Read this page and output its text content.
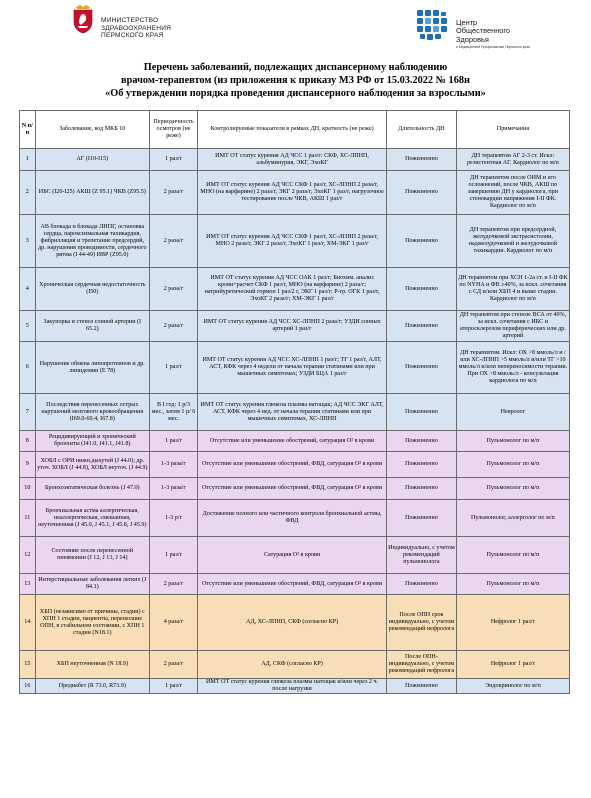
МИНИСТЕРСТВО
ЗДРАВООХРАНЕНИЯ
ПЕРМСКОГО КРАЯ
Центр
Общественного
Здоровья
и Медицинской Профилактики Пермского края
Перечень заболеваний, подлежащих диспансерному наблюдению
врачом-терапевтом (из приложения к приказу МЗ РФ от 15.03.2022 № 168н
«Об утверждении порядка проведения диспансерного наблюдения за взрослыми»
N п/п	Заболевание, код МКБ 10	Периодичность осмотров (не реже)	Контролируемые показатели в рамках ДН, кратность (не реже)	Длительность ДН	Примечания
1	АГ (I10-I15)	1 раз/г	ИМТ ОТ статус курения АД ЧСС 1 раз/г: СКФ, ХС-ЛПНП, альбуминурия, ЭКГ, ЭхоКГ	Пожизненно	ДН терапевтом АГ 2-3 ст. Искл: резистентная АГ. Кардиолог по м/п
2	ИБС (I20-I25) АКШ (Z 95.1) ЧКВ (Z95.5)	2 раза/г	ИМТ ОТ статус курения АД ЧСС СКФ 1 раз/г, ХС-ЛПНП 2 раза/г, МНО (на варфарине) 2 раза/г, ЭКГ 2 раза/г, ЭхоКГ 1 раз/г, нагрузочное тестирование после ЧКВ, АКШ 1 раз/г	Пожизненно	ДН терапевтом после ОИМ и его осложнений, после ЧКВ, АКШ по завершению ДН у кардиолога, при стенокардии напряжения I-II ФК. Кардиолог по м/п
3	АВ блокада и блокада ЛНПГ, остановка сердца, пароксизмальная тахикардия, фибрилляция и трепетание предсердий, др. нарушения проводимости, сердечного ритма (I 44-49) ИВР (Z95.0)	2 раза/г	ИМТ ОТ статус курения АД ЧСС СКФ 1 раз/г, ХС-ЛПНП 2 раза/г, МНО 2 раза/г, ЭКГ 2 раза/г, ЭхоКГ 1 раз/г, ХМ-ЭКГ 1 раз/г	Пожизненно	ДН терапевтом при предсердной, желудочковой экстрасистолии, наджелудочковой и желудочковой тахикардии. Кардиолог по м/п
4	Хроническая сердечная недостаточность (I50)	2 раза/г	ИМТ ОТ статус курения АД ЧСС ОАК 1 раз/г; Биохим. анализ крови+расчет СКФ 1 раз/г, МНО (на варфарине) 2 раза/г; натрийуретический гормон 1 раз/2 г, ЭКГ 1 раз/г; Р-гр. ОГК 1 раз/г, ЭхоКГ 2 раза/г; ХМ-ЭКГ 1 раз/г	Пожизненно	ДН терапевтом при ХСН 1-2а ст. и I-II ФК по NYHA и ФВ ≥40%, за искл. сочетания с СД и/или ХБП 4 и выше стадии. Кардиолог по м/п
5	Закупорка и стеноз сонной артерии (I 65.2)	2 раза/г	ИМТ ОТ статус курения АД ЧСС ХС-ЛПНП 2 раза/г; УЗДИ сонных артерий 1 раз/г	Пожизненно	ДН терапевтом при стенозе ВСА от 40%, за искл. сочетания с ИБС и атеросклерозом периферических или др. артерий
6	Нарушение обмена липопротеинов и др. липидемии (E 78)	1 раз/г	ИМТ ОТ статус курения АД ЧСС ХС-ЛПНП 1 раз/г; ТГ 1 раз/г, АЛТ, АСТ, КФК через 4 недели от начала терапии статинами или при мышечных симптомах; УЗДИ БЦА 1 раз/г	Пожизненно	ДН терапевтом. Искл: ОХ >8 ммоль/л и /или ХС-ЛПНП >5 ммоль/л и/или ТГ >10 ммоль/л и/или непереносимости терапии. При ОХ >8 ммоль/л - консультация кардиолога по м/п
7	Последствия перенесенных острых нарушений мозгового кровообращения (I69.0-69.4, I67.8)	В I год: 1 р/3 мес., затем 1 р/ 6 мес.	ИМТ ОТ статус курения глюкоза плазмы натощак; АД ЧСС ЭКГ АЛТ, АСТ, КФК через 4 нед. от начала терапии статинами или при мышечных симптомах, ХС-ЛПНП	Пожизненно	Невролог
8	Рецидивирующий и хронический бронхиты (J41.0, J41.1, J41.8)	1 раз/г	Отсутствие или уменьшение обострений, сатурация O² в крови	Пожизненно	Пульмонолог по м/п
9	ХОБЛ с ОРИ нижн.дыхутей (J 44.0); др. уточ. ХОБЛ (J 44.8), ХОБЛ неуточ. (J 44.9)	1-3 раза/г	Отсутствие или уменьшение обострений, ФВД, сатурация O² в крови	Пожизненно	Пульмонолог по м/п
10	Бронхоэктатическая болезнь (J 47.0)	1-3 раза/г	Отсутствие или уменьшение обострений, ФВД, сатурация O² в крови	Пожизненно	Пульмонолог по м/п
11	Бронхиальная астма аллергическая, неаллергическая, смешанная, неуточненная (J 45.0, J 45.1, J 45.8, J 45.9)	1-3 р/г	Достижение полного или частичного контроля бронхиальной астмы, ФВД	Пожизненно	Пульмонолог, аллерголог по м/п
12	Состояние после перенесенной пневмонии (J 12, J 13, J 14)	1 раз/г	Сатурация O² в крови	Индивидуально, с учетом рекомендаций пульмонолога	Пульмонолог по м/п
13	Интерстициальные заболевания легких (J 84.1)	2 раза/г	Отсутствие или уменьшение обострений, ФВД, сатурация O² в крови	Пожизненно	Пульмонолог по м/п
14	ХБП (независимо от причины, стадии) с ХПН 1 стадии, пациенты, перенесшие ОПН, в стабильном состоянии, с ХПН 1 стадии (N18.1)	4 раза/г	АД, ХС-ЛПНП, СКФ (согласно КР)	После ОПН срок индивидуально, с учетом рекомендаций нефролога	Нефролог 1 раз/г
15	ХБП неуточненная (N 18.9)	2 раза/г	АД, СКФ (согласно КР)	После ОПН- индивидуально, с учетом рекомендаций нефролога	Нефролог 1 раз/г
16	Предиабет (R 73.0, R73.9)	1 раз/г	ИМТ ОТ статус курения глюкоза плазмы натощак и/или через 2 ч. после нагрузки	Пожизненно	Эндокринолог по м/п
